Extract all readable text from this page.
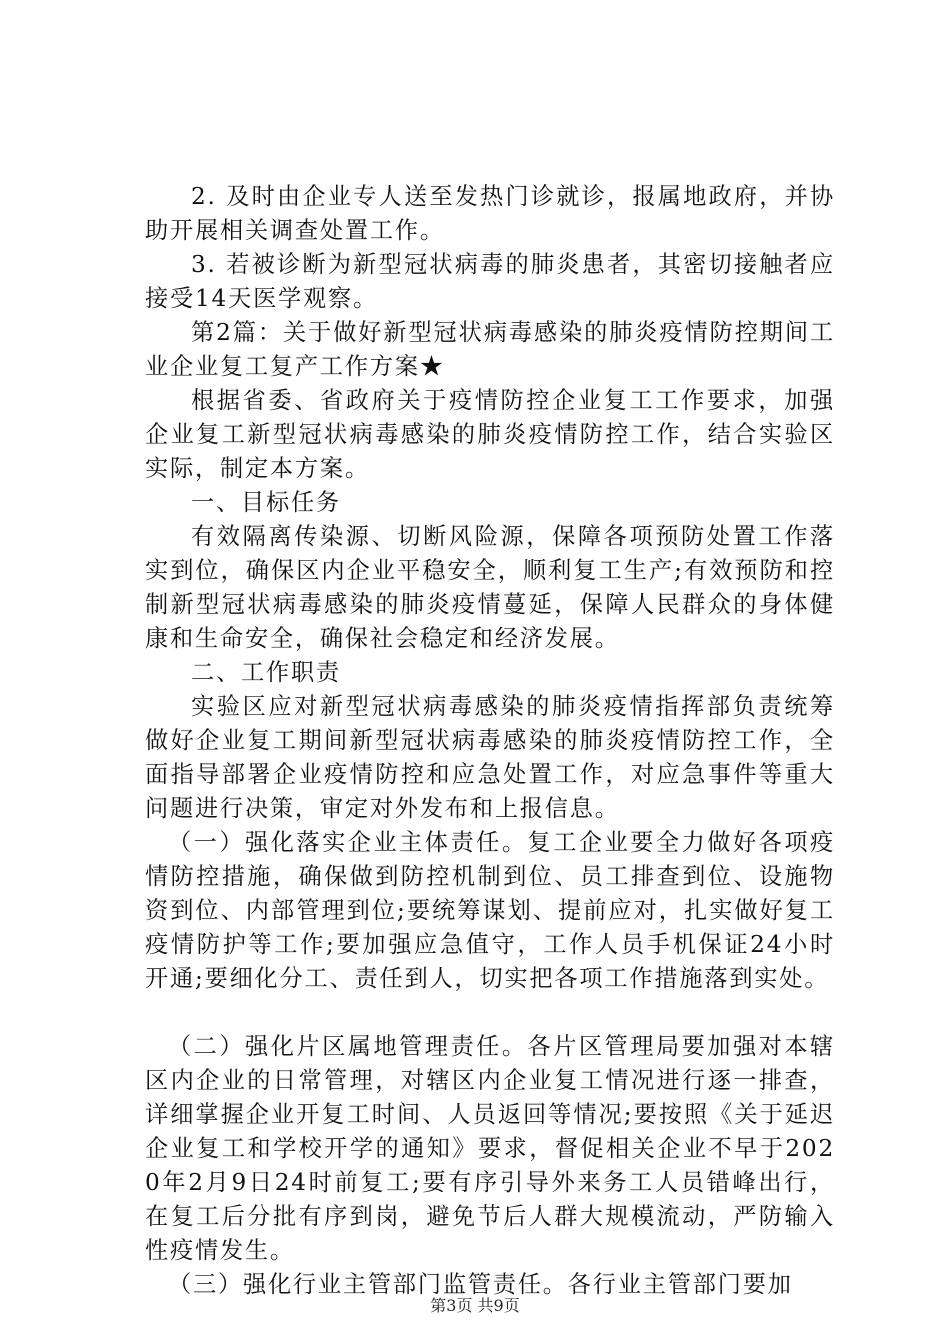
2. 及时由企业专人送至发热门诊就诊，报属地政府，并协助开展相关调查处置工作。

3. 若被诊断为新型冠状病毒的肺炎患者，其密切接触者应接受14天医学观察。

第2篇：关于做好新型冠状病毒感染的肺炎疫情防控期间工业企业复工复产工作方案★

根据省委、省政府关于疫情防控企业复工工作要求，加强企业复工新型冠状病毒感染的肺炎疫情防控工作，结合实验区实际，制定本方案。

一、目标任务

有效隔离传染源、切断风险源，保障各项预防处置工作落实到位，确保区内企业平稳安全，顺利复工生产;有效预防和控制新型冠状病毒感染的肺炎疫情蔓延，保障人民群众的身体健康和生命安全，确保社会稳定和经济发展。

二、工作职责

实验区应对新型冠状病毒感染的肺炎疫情指挥部负责统筹做好企业复工期间新型冠状病毒感染的肺炎疫情防控工作，全面指导部署企业疫情防控和应急处置工作，对应急事件等重大问题进行决策，审定对外发布和上报信息。

（一）强化落实企业主体责任。复工企业要全力做好各项疫情防控措施，确保做到防控机制到位、员工排查到位、设施物资到位、内部管理到位;要统筹谋划、提前应对，扎实做好复工疫情防护等工作;要加强应急值守，工作人员手机保证24小时开通;要细化分工、责任到人，切实把各项工作措施落到实处。

（二）强化片区属地管理责任。各片区管理局要加强对本辖区内企业的日常管理，对辖区内企业复工情况进行逐一排查，详细掌握企业开复工时间、人员返回等情况;要按照《关于延迟企业复工和学校开学的通知》要求，督促相关企业不早于2020年2月9日24时前复工;要有序引导外来务工人员错峰出行，在复工后分批有序到岗，避免节后人群大规模流动，严防输入性疫情发生。

（三）强化行业主管部门监管责任。各行业主管部门要加

第3页 共9页
